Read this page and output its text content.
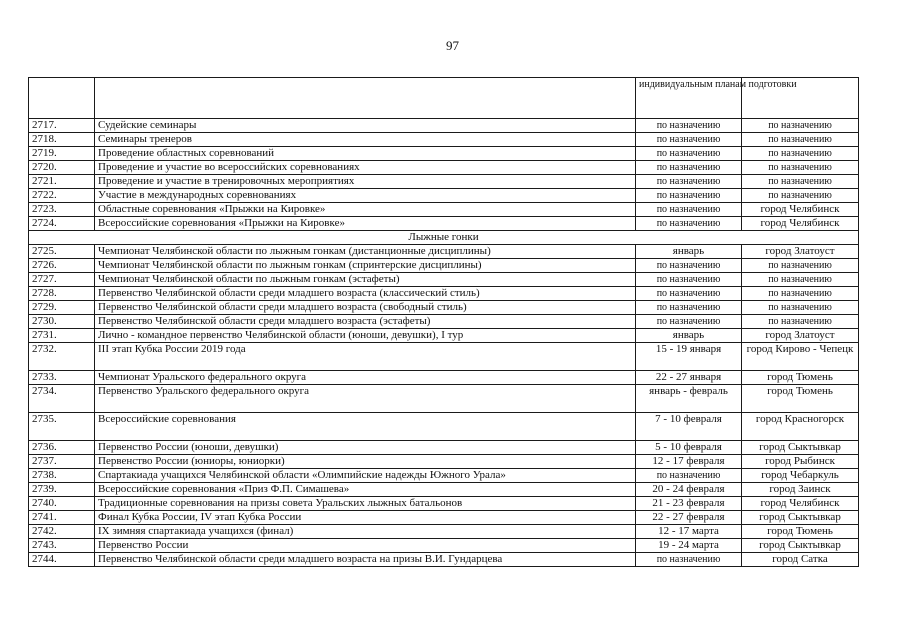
97
		индивидуальным планам подготовки	
2717.	Судейские семинары	по назначению	по назначению
2718.	Семинары тренеров	по назначению	по назначению
2719.	Проведение областных соревнований	по назначению	по назначению
2720.	Проведение и участие во всероссийских соревнованиях	по назначению	по назначению
2721.	Проведение и участие в тренировочных мероприятиях	по назначению	по назначению
2722.	Участие в международных соревнованиях	по назначению	по назначению
2723.	Областные соревнования «Прыжки на Кировке»	по назначению	город Челябинск
2724.	Всероссийские соревнования «Прыжки на Кировке»	по назначению	город Челябинск
Лыжные гонки			
2725.	Чемпионат Челябинской области по лыжным гонкам (дистанционные дисциплины)	январь	город Златоуст
2726.	Чемпионат Челябинской области по лыжным гонкам (спринтерские дисциплины)	по назначению	по назначению
2727.	Чемпионат Челябинской области по лыжным гонкам (эстафеты)	по назначению	по назначению
2728.	Первенство Челябинской области среди младшего возраста (классический стиль)	по назначению	по назначению
2729.	Первенство Челябинской области среди младшего возраста (свободный стиль)	по назначению	по назначению
2730.	Первенство Челябинской области среди младшего возраста (эстафеты)	по назначению	по назначению
2731.	Лично - командное первенство Челябинской области (юноши, девушки), I тур	январь	город Златоуст
2732.	III этап Кубка России 2019 года	15 - 19 января	город Кирово - Чепецк
2733.	Чемпионат Уральского федерального округа	22 - 27 января	город Тюмень
2734.	Первенство Уральского федерального округа	январь - февраль	город Тюмень
2735.	Всероссийские соревнования	7 - 10 февраля	город Красногорск
2736.	Первенство России (юноши, девушки)	5 - 10 февраля	город Сыктывкар
2737.	Первенство России (юниоры, юниорки)	12 - 17 февраля	город Рыбинск
2738.	Спартакиада учащихся Челябинской области «Олимпийские надежды Южного Урала»	по назначению	город Чебаркуль
2739.	Всероссийские соревнования «Приз Ф.П. Симашева»	20 - 24 февраля	город Заинск
2740.	Традиционные соревнования на призы совета Уральских лыжных батальонов	21 - 23 февраля	город Челябинск
2741.	Финал Кубка России, IV этап Кубка России	22 - 27 февраля	город Сыктывкар
2742.	IX зимняя спартакиада учащихся (финал)	12 - 17 марта	город Тюмень
2743.	Первенство России	19 - 24 марта	город Сыктывкар
2744.	Первенство Челябинской области среди младшего возраста на призы В.И. Гундарцева	по назначению	город Сатка
